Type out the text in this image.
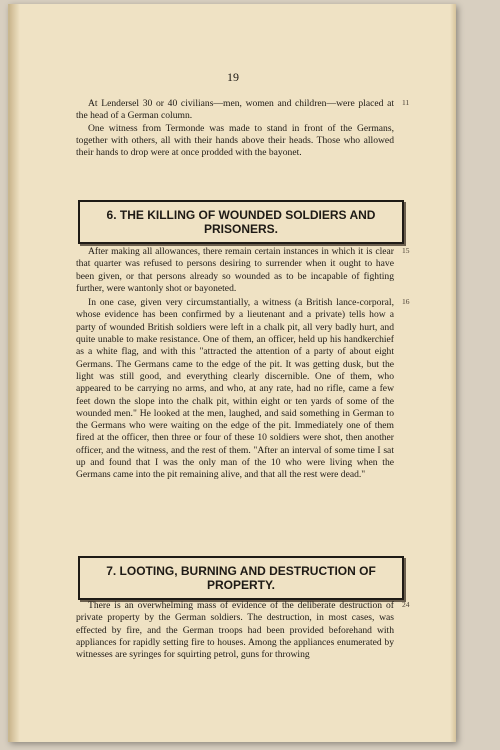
19

At Lendersel 30 or 40 civilians—men, women and children—were placed at the head of a German column.

11

One witness from Termonde was made to stand in front of the Germans, together with others, all with their hands above their heads. Those who allowed their hands to drop were at once prodded with the bayonet.

6. THE KILLING OF WOUNDED SOLDIERS AND PRISONERS.

After making all allowances, there remain certain instances in which it is clear that quarter was refused to persons desiring to surrender when it ought to have been given, or that persons already so wounded as to be incapable of fighting further, were wantonly shot or bayoneted.

15

In one case, given very circumstantially, a witness (a British lance-corporal, whose evidence has been confirmed by a lieutenant and a private) tells how a party of wounded British soldiers were left in a chalk pit, all very badly hurt, and quite unable to make resistance. One of them, an officer, held up his handkerchief as a white flag, and with this "attracted the attention of a party of about eight Germans. The Germans came to the edge of the pit. It was getting dusk, but the light was still good, and everything clearly discernible. One of them, who appeared to be carrying no arms, and who, at any rate, had no rifle, came a few feet down the slope into the chalk pit, within eight or ten yards of some of the wounded men." He looked at the men, laughed, and said something in German to the Germans who were waiting on the edge of the pit. Immediately one of them fired at the officer, then three or four of these 10 soldiers were shot, then another officer, and the witness, and the rest of them. "After an interval of some time I sat up and found that I was the only man of the 10 who were living when the Germans came into the pit remaining alive, and that all the rest were dead."

16
7. LOOTING, BURNING AND DESTRUCTION OF PROPERTY.

There is an overwhelming mass of evidence of the deliberate destruction of private property by the German soldiers. The destruction, in most cases, was effected by fire, and the German troops had been provided beforehand with appliances for rapidly setting fire to houses. Among the appliances enumerated by witnesses are syringes for squirting petrol, guns for throwing

24
